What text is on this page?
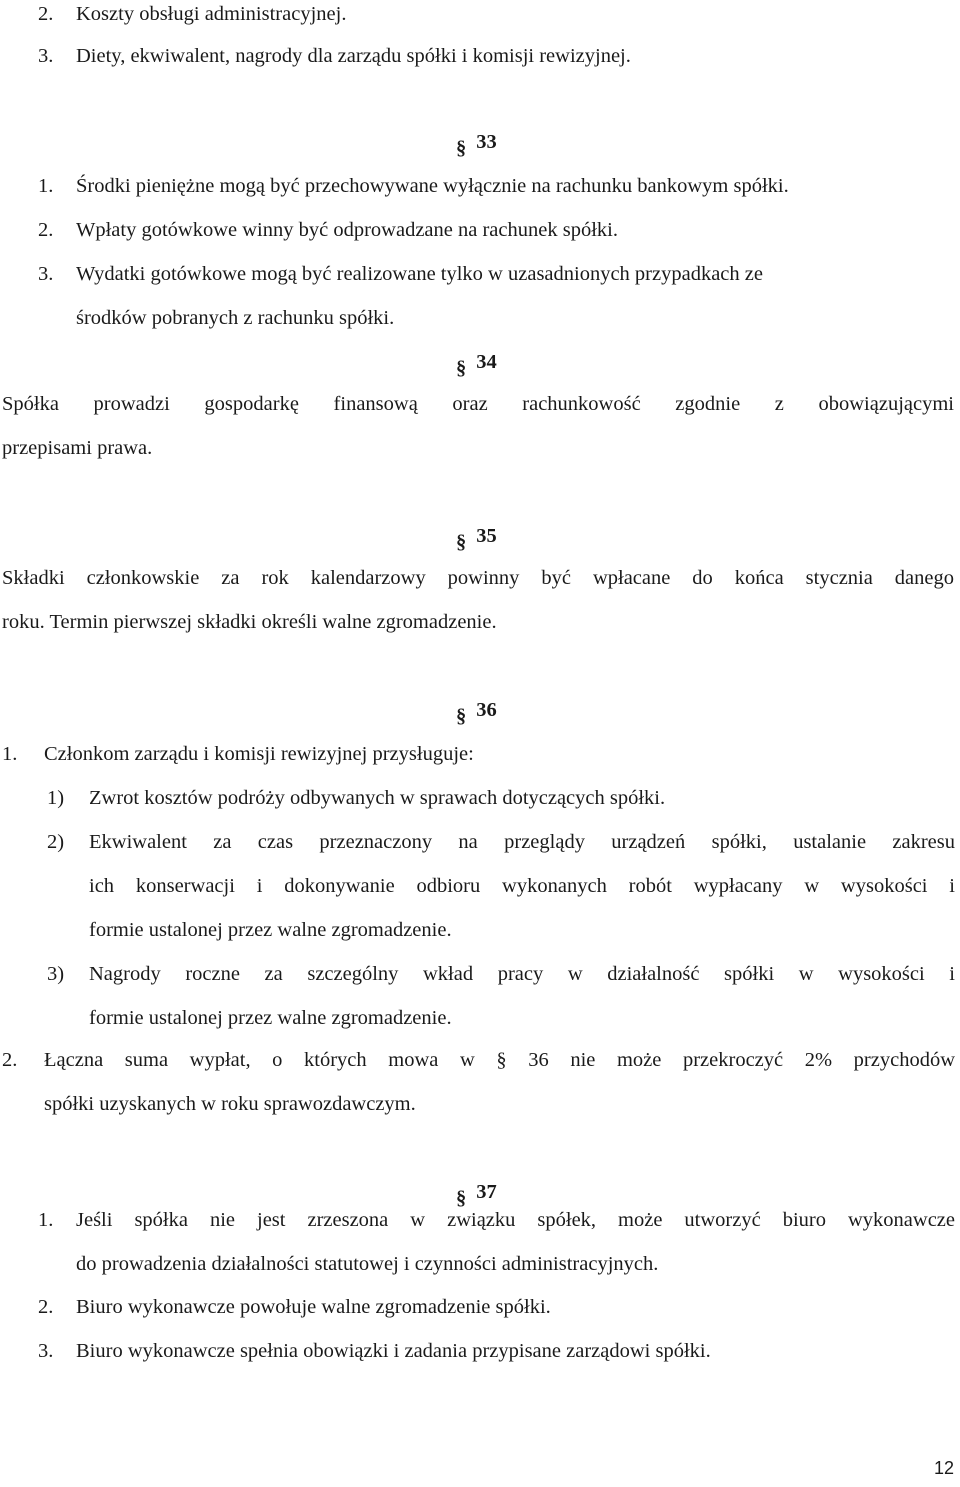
2. Koszty obsługi administracyjnej.
3. Diety, ekwiwalent, nagrody dla zarządu spółki i komisji rewizyjnej.
§ 33
1. Środki pieniężne mogą być przechowywane wyłącznie na rachunku bankowym spółki.
2. Wpłaty gotówkowe winny być odprowadzane na rachunek spółki.
3. Wydatki gotówkowe mogą być realizowane tylko w uzasadnionych przypadkach ze
środków pobranych z rachunku spółki.
§ 34
Spółka prowadzi gospodarkę finansową oraz rachunkowość zgodnie z obowiązującymi
przepisami prawa.
§ 35
Składki członkowskie za rok kalendarzowy powinny być wpłacane do końca stycznia danego
roku. Termin pierwszej składki określi walne zgromadzenie.
§ 36
1. Członkom zarządu i komisji rewizyjnej przysługuje:
1) Zwrot kosztów podróży odbywanych w sprawach dotyczących spółki.
2) Ekwiwalent za czas przeznaczony na przeglądy urządzeń spółki, ustalanie zakresu
ich konserwacji i dokonywanie odbioru wykonanych robót wypłacany w wysokości i
formie ustalonej przez walne zgromadzenie.
3) Nagrody roczne za szczególny wkład pracy w działalność spółki w wysokości i
formie ustalonej przez walne zgromadzenie.
2. Łączna suma wypłat, o których mowa w § 36 nie może przekroczyć 2% przychodów
spółki uzyskanych w roku sprawozdawczym.
§ 37
1. Jeśli spółka nie jest zrzeszona w związku spółek, może utworzyć biuro wykonawcze
do prowadzenia działalności statutowej i czynności administracyjnych.
2. Biuro wykonawcze powołuje walne zgromadzenie spółki.
3. Biuro wykonawcze spełnia obowiązki i zadania przypisane zarządowi spółki.
12
